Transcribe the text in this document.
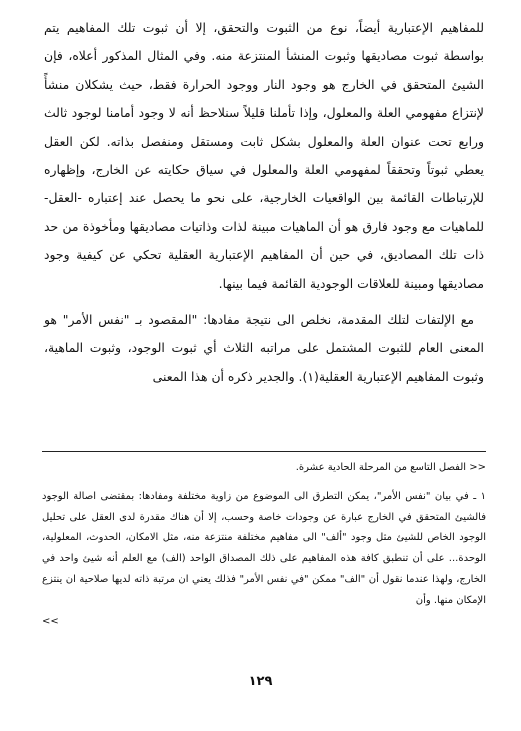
للمفاهيم الإعتبارية أيضاً، نوع من الثبوت والتحقق، إلا أن ثبوت تلك المفاهيم يتم بواسطة ثبوت مصاديقها وثبوت المنشأ المنتزعة منه. وفي المثال المذكور أعلاه، فإن الشيئ المتحقق في الخارج هو وجود النار ووجود الحرارة فقط، حيث يشكلان منشأً لإنتزاع مفهومي العلة والمعلول، وإذا تأملنا قليلاً سنلاحظ أنه لا وجود أمامنا لوجود ثالث ورابع تحت عنوان العلة والمعلول بشكل ثابت ومستقل ومنفصل بذاته. لكن العقل يعطي ثبوتاً وتحققاً لمفهومي العلة والمعلول في سياق حكايته عن الخارج، وإظهاره للإرتباطات القائمة بين الواقعيات الخارجية، على نحو ما يحصل عند إعتباره -العقل- للماهيات مع وجود فارق هو أن الماهيات مبينة لذات وذاتيات مصاديقها ومأخوذة من حد ذات تلك المصاديق، في حين أن المفاهيم الإعتبارية العقلية تحكي عن كيفية وجود مصاديقها ومبينة للعلاقات الوجودية القائمة فيما بينها.

مع الإلتفات لتلك المقدمة، نخلص الى نتيجة مفادها: "المقصود بـ "نفس الأمر" هو المعنى العام للثبوت المشتمل على مراتبه الثلاث أي ثبوت الوجود، وثبوت الماهية، وثبوت المفاهيم الإعتبارية العقلية(١). والجدير ذكره أن هذا المعنى

<< الفصل التاسع من المرحلة الحادية عشرة.

١ ـ في بيان "نفس الأمر"، يمكن التطرق الى الموضوع من زاوية مختلفة ومفادها: بمقتضى اصالة الوجود فالشيئ المتحقق في الخارج عبارة عن وجودات خاصة وحسب، إلا أن هناك مقدرة لدى العقل على تحليل الوجود الخاص للشيئ مثل وجود "ألف" الى مفاهيم مختلفة منتزعة منه، مثل الامكان، الحدوث، المعلولية، الوحدة... على أن تنطبق كافة هذه المفاهيم على ذلك المصداق الواحد (الف) مع العلم أنه شيئ واحد في الخارج، ولهذا عندما نقول أن "الف" ممكن "في نفس الأمر" فذلك يعني ان مرتبة ذاته لديها صلاحية ان ينتزع الإمكان منها. وأن

<<

١٢٩
